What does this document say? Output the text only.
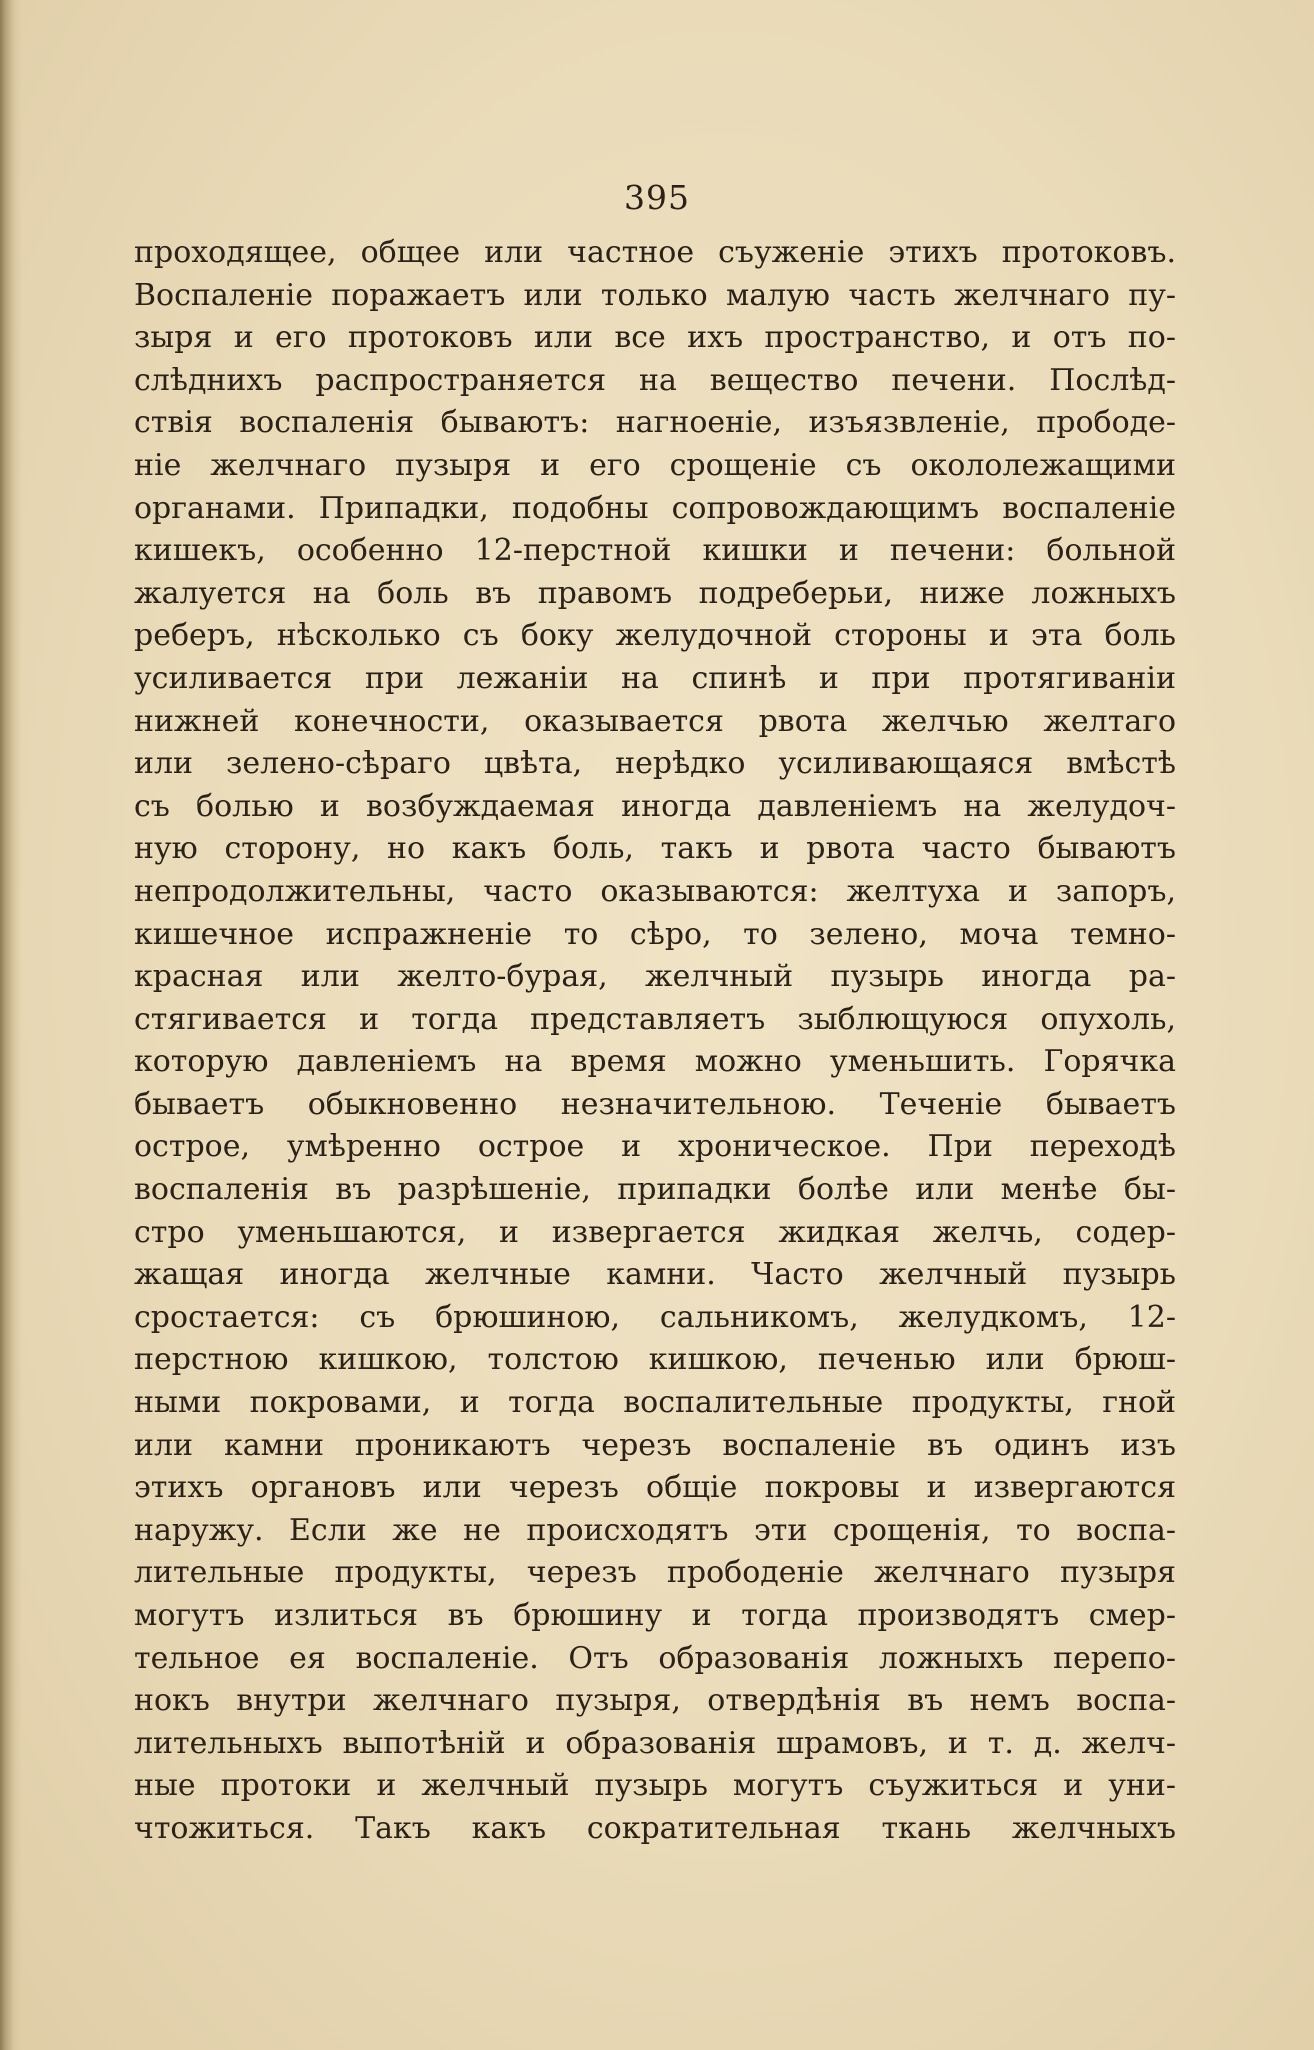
395
проходящее, общее или частное съуженіе этихъ протоковъ.
Воспаленіе поражаетъ или только малую часть желчнаго пу-
зыря и его протоковъ или все ихъ пространство, и отъ по-
слѣднихъ распространяется на вещество печени. Послѣд-
ствія воспаленія бываютъ: нагноеніе, изъязвленіе, прободе-
ніе желчнаго пузыря и его срощеніе съ окололежащими
органами. Припадки, подобны сопровождающимъ воспаленіе
кишекъ, особенно 12-перстной кишки и печени: больной
жалуется на боль въ правомъ подреберьи, ниже ложныхъ
реберъ, нѣсколько съ боку желудочной стороны и эта боль
усиливается при лежаніи на спинѣ и при протягиваніи
нижней конечности, оказывается рвота желчью желтаго
или зелено-сѣраго цвѣта, нерѣдко усиливающаяся вмѣстѣ
съ болью и возбуждаемая иногда давленіемъ на желудоч-
ную сторону, но какъ боль, такъ и рвота часто бываютъ
непродолжительны, часто оказываются: желтуха и запоръ,
кишечное испражненіе то сѣро, то зелено, моча темно-
красная или желто-бурая, желчный пузырь иногда ра-
стягивается и тогда представляетъ зыблющуюся опухоль,
которую давленіемъ на время можно уменьшить. Горячка
бываетъ обыкновенно незначительною. Теченіе бываетъ
острое, умѣренно острое и хроническое. При переходѣ
воспаленія въ разрѣшеніе, припадки болѣе или менѣе бы-
стро уменьшаются, и извергается жидкая желчь, содер-
жащая иногда желчные камни. Часто желчный пузырь
сростается: съ брюшиною, сальникомъ, желудкомъ, 12-
перстною кишкою, толстою кишкою, печенью или брюш-
ными покровами, и тогда воспалительные продукты, гной
или камни проникаютъ черезъ воспаленіе въ одинъ изъ
этихъ органовъ или черезъ общіе покровы и извергаются
наружу. Если же не происходятъ эти срощенія, то воспа-
лительные продукты, черезъ прободеніе желчнаго пузыря
могутъ излиться въ брюшину и тогда производятъ смер-
тельное ея воспаленіе. Отъ образованія ложныхъ перепо-
нокъ внутри желчнаго пузыря, отвердѣнія въ немъ воспа-
лительныхъ выпотѣній и образованія шрамовъ, и т. д. желч-
ные протоки и желчный пузырь могутъ съужиться и уни-
чтожиться. Такъ какъ сократительная ткань желчныхъ
